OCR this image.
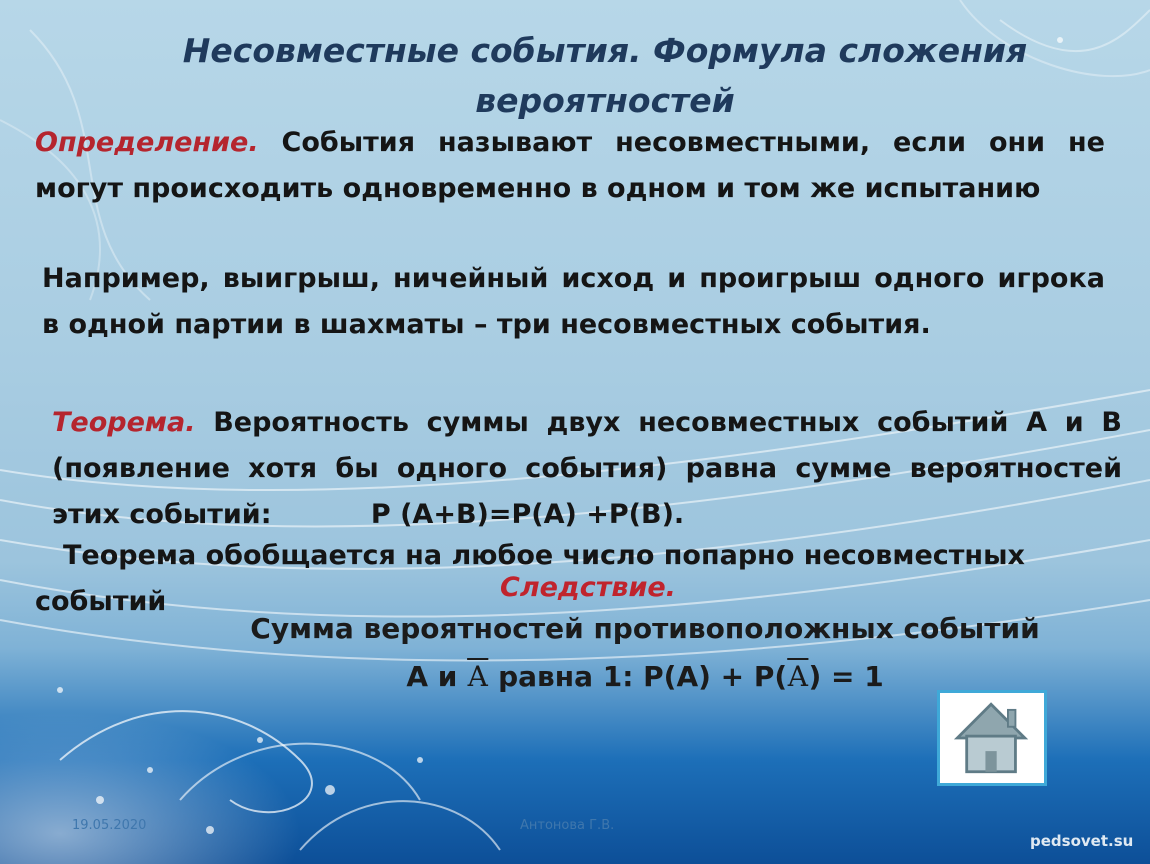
Несовместные события. Формула сложения вероятностей
Определение. События называют несовместными, если они не могут происходить одновременно в одном и том же испытанию
Например, выигрыш, ничейный исход и проигрыш одного игрока в одной партии в шахматы – три несовместных события.
Теорема. Вероятность суммы двух несовместных событий А и В (появление хотя бы одного события) равна сумме вероятностей этих событий:	Р (А+В)=Р(А) +Р(В).
Теорема обобщается на любое число попарно несовместных
событий	Следствие.
Сумма вероятностей противоположных событий
А и А равна 1: Р(А) + Р(А) = 1
19.05.2020	Антонова Г.В.
pedsovet.su
